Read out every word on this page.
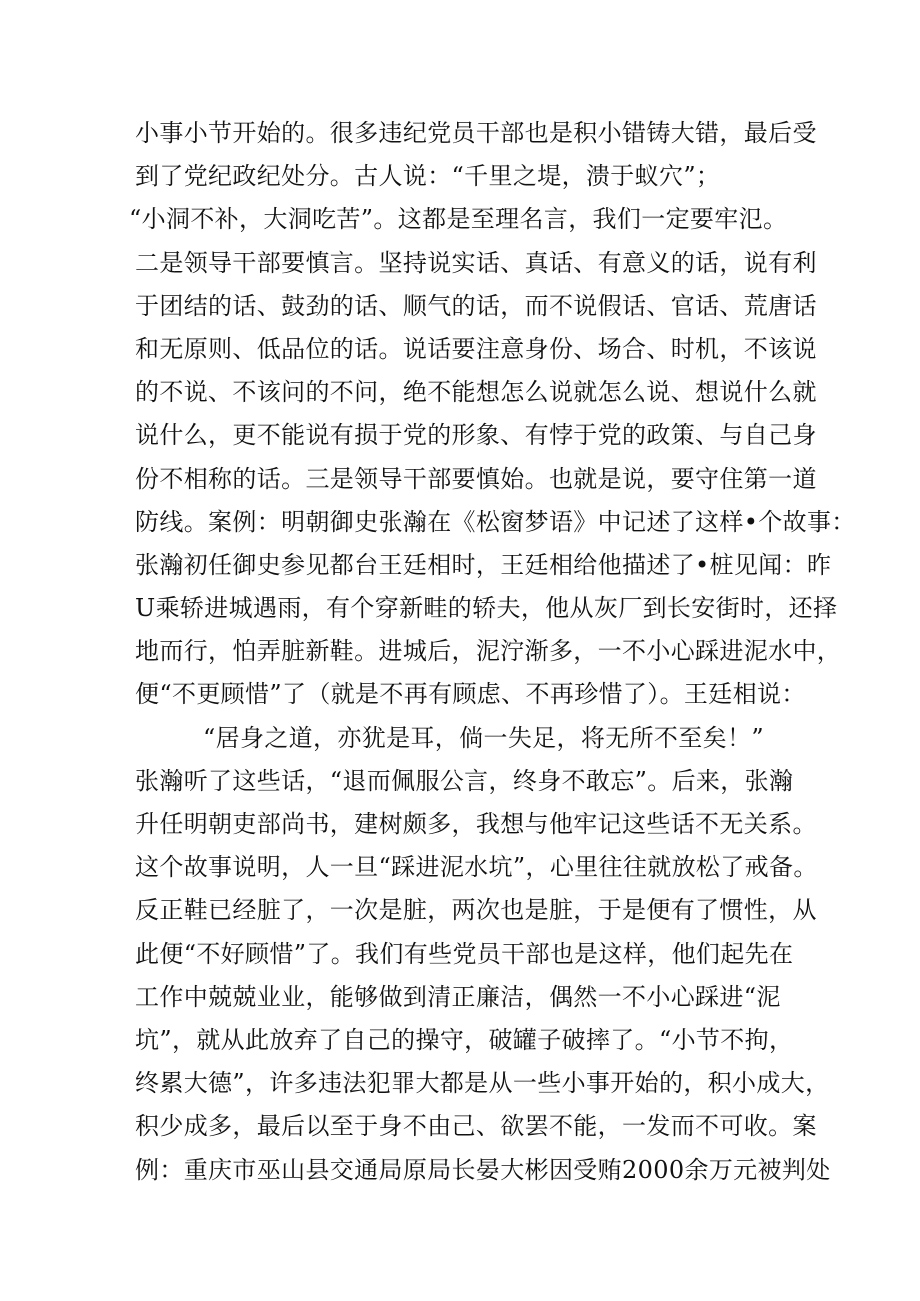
小事小节开始的。很多违纪党员干部也是积小错铸大错，最后受
到了党纪政纪处分。古人说：“千里之堤，溃于蚁穴”；
“小洞不补，大洞吃苦”。这都是至理名言，我们一定要牢氾。
二是领导干部要慎言。坚持说实话、真话、有意义的话，说有利
于团结的话、鼓劲的话、顺气的话，而不说假话、官话、荒唐话
和无原则、低品位的话。说话要注意身份、场合、时机，不该说
的不说、不该问的不问，绝不能想怎么说就怎么说、想说什么就
说什么，更不能说有损于党的形象、有悖于党的政策、与自己身
份不相称的话。三是领导干部要慎始。也就是说，要守住第一道
防线。案例：明朝御史张瀚在《松窗梦语》中记述了这样•个故事：
张瀚初任御史参见都台王廷相时，王廷相给他描述了•桩见闻：昨
U乘轿进城遇雨，有个穿新畦的轿夫，他从灰厂到长安街时，还择
地而行，怕弄脏新鞋。进城后，泥泞渐多，一不小心踩进泥水中，
便“不更顾惜”了（就是不再有顾虑、不再珍惜了）。王廷相说：
“居身之道，亦犹是耳，倘一失足，将无所不至矣！”
张瀚听了这些话，“退而佩服公言，终身不敢忘”。后来，张瀚
升任明朝吏部尚书，建树颇多，我想与他牢记这些话不无关系。
这个故事说明，人一旦“踩进泥水坑”，心里往往就放松了戒备。
反正鞋已经脏了，一次是脏，两次也是脏，于是便有了惯性，从
此便“不好顾惜”了。我们有些党员干部也是这样，他们起先在
工作中兢兢业业，能够做到清正廉洁，偶然一不小心踩进“泥
坑”，就从此放弃了自己的操守，破罐子破摔了。“小节不拘，
终累大德”，许多违法犯罪大都是从一些小事开始的，积小成大，
积少成多，最后以至于身不由己、欲罢不能，一发而不可收。案
例：重庆市巫山县交通局原局长晏大彬因受贿2000余万元被判处
